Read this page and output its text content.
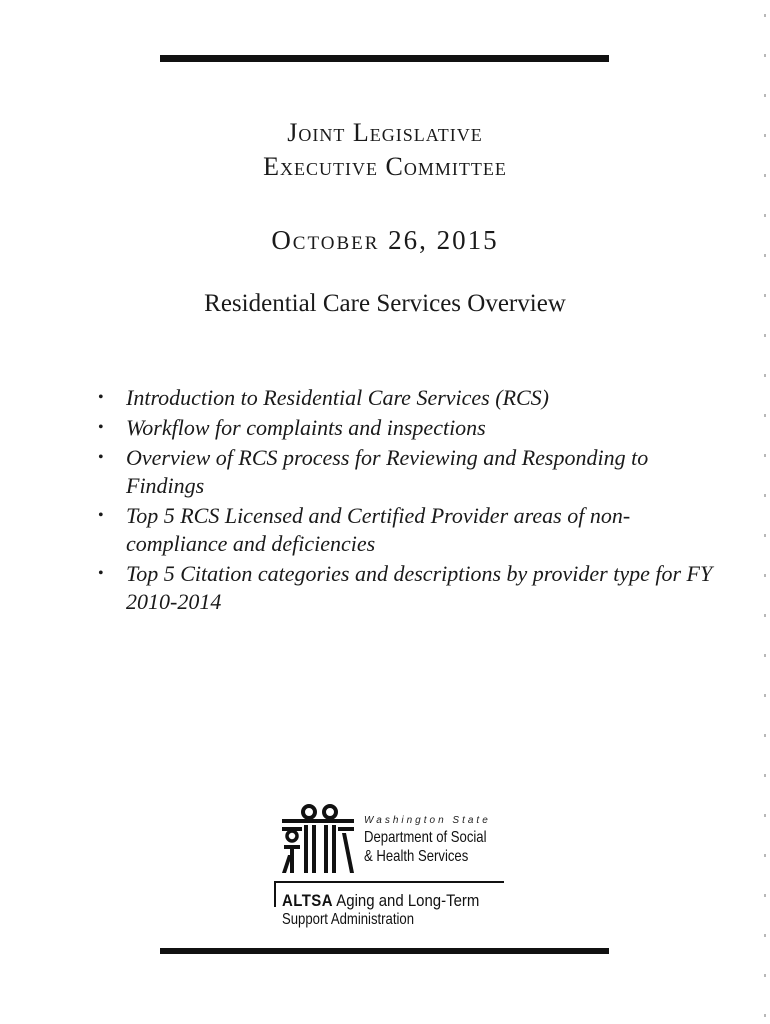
Joint Legislative
Executive Committee
October 26, 2015
Residential Care Services Overview
• Introduction to Residential Care Services (RCS)
• Workflow for complaints and inspections
• Overview of RCS process for Reviewing and Responding to Findings
• Top 5 RCS Licensed and Certified Provider areas of non-compliance and deficiencies
• Top 5 Citation categories and descriptions by provider type for FY 2010-2014
Washington State
Department of Social
& Health Services
ALTSA Aging and Long-Term
Support Administration
